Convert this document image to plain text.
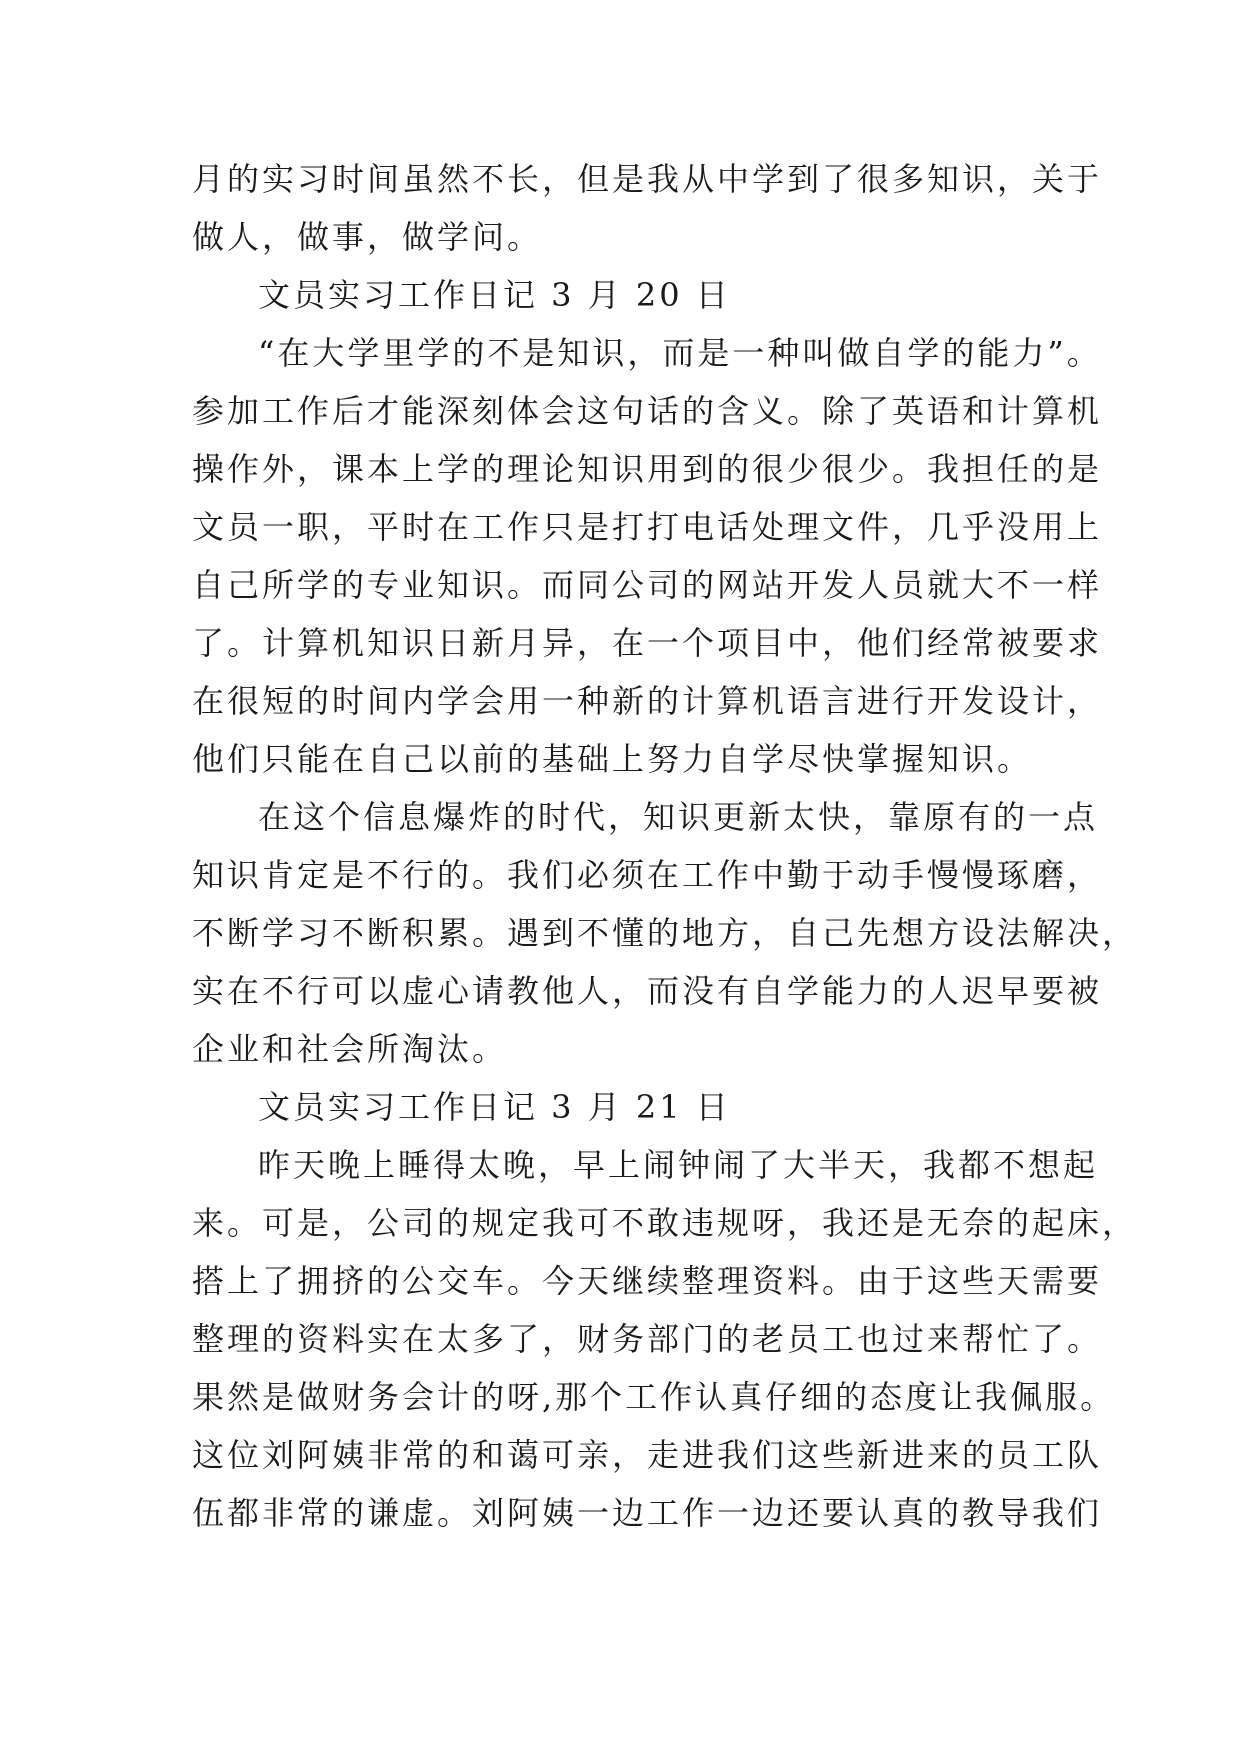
月的实习时间虽然不长，但是我从中学到了很多知识，关于
做人，做事，做学问。
文员实习工作日记 3 月 20 日
“在大学里学的不是知识，而是一种叫做自学的能力”。
参加工作后才能深刻体会这句话的含义。除了英语和计算机
操作外，课本上学的理论知识用到的很少很少。我担任的是
文员一职，平时在工作只是打打电话处理文件，几乎没用上
自己所学的专业知识。而同公司的网站开发人员就大不一样
了。计算机知识日新月异，在一个项目中，他们经常被要求
在很短的时间内学会用一种新的计算机语言进行开发设计，
他们只能在自己以前的基础上努力自学尽快掌握知识。
在这个信息爆炸的时代，知识更新太快，靠原有的一点
知识肯定是不行的。我们必须在工作中勤于动手慢慢琢磨，
不断学习不断积累。遇到不懂的地方，自己先想方设法解决，
实在不行可以虚心请教他人，而没有自学能力的人迟早要被
企业和社会所淘汰。
文员实习工作日记 3 月 21 日
昨天晚上睡得太晚，早上闹钟闹了大半天，我都不想起
来。可是，公司的规定我可不敢违规呀，我还是无奈的起床，
搭上了拥挤的公交车。今天继续整理资料。由于这些天需要
整理的资料实在太多了，财务部门的老员工也过来帮忙了。
果然是做财务会计的呀,那个工作认真仔细的态度让我佩服。
这位刘阿姨非常的和蔼可亲，走进我们这些新进来的员工队
伍都非常的谦虚。刘阿姨一边工作一边还要认真的教导我们
